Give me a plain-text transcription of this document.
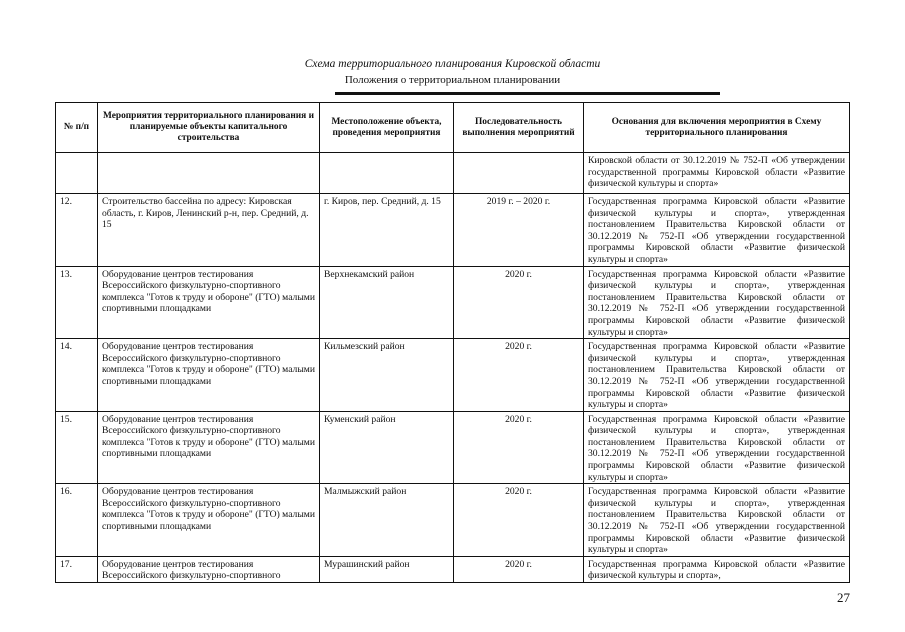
Схема территориального планирования Кировской области
Положения о территориальном планировании
№ п/п	Мероприятия территориального планирования и планируемые объекты капитального строительства	Местоположение объекта, проведения мероприятия	Последовательность выполнения мероприятий	Основания для включения мероприятия в Схему территориального планирования

				Кировской области от 30.12.2019 № 752-П «Об утверждении государственной программы Кировской области «Развитие физической культуры и спорта»
12.	Строительство бассейна по адресу: Кировская область, г. Киров, Ленинский р-н, пер. Средний, д. 15	г. Киров, пер. Средний, д. 15	2019 г. – 2020 г.	Государственная программа Кировской области «Развитие физической культуры и спорта», утвержденная постановлением Правительства Кировской области от 30.12.2019 № 752-П «Об утверждении государственной программы Кировской области «Развитие физической культуры и спорта»
13.	Оборудование центров тестирования Всероссийского физкультурно-спортивного комплекса "Готов к труду и обороне" (ГТО) малыми спортивными площадками	Верхнекамский район	2020 г.	Государственная программа Кировской области «Развитие физической культуры и спорта», утвержденная постановлением Правительства Кировской области от 30.12.2019 № 752-П «Об утверждении государственной программы Кировской области «Развитие физической культуры и спорта»
14.	Оборудование центров тестирования Всероссийского физкультурно-спортивного комплекса "Готов к труду и обороне" (ГТО) малыми спортивными площадками	Кильмезский район	2020 г.	Государственная программа Кировской области «Развитие физической культуры и спорта», утвержденная постановлением Правительства Кировской области от 30.12.2019 № 752-П «Об утверждении государственной программы Кировской области «Развитие физической культуры и спорта»
15.	Оборудование центров тестирования Всероссийского физкультурно-спортивного комплекса "Готов к труду и обороне" (ГТО) малыми спортивными площадками	Куменский район	2020 г.	Государственная программа Кировской области «Развитие физической культуры и спорта», утвержденная постановлением Правительства Кировской области от 30.12.2019 № 752-П «Об утверждении государственной программы Кировской области «Развитие физической культуры и спорта»
16.	Оборудование центров тестирования Всероссийского физкультурно-спортивного комплекса "Готов к труду и обороне" (ГТО) малыми спортивными площадками	Малмыжский район	2020 г.	Государственная программа Кировской области «Развитие физической культуры и спорта», утвержденная постановлением Правительства Кировской области от 30.12.2019 № 752-П «Об утверждении государственной программы Кировской области «Развитие физической культуры и спорта»
17.	Оборудование центров тестирования Всероссийского физкультурно-спортивного	Мурашинский район	2020 г.	Государственная программа Кировской области «Развитие физической культуры и спорта»,
27
